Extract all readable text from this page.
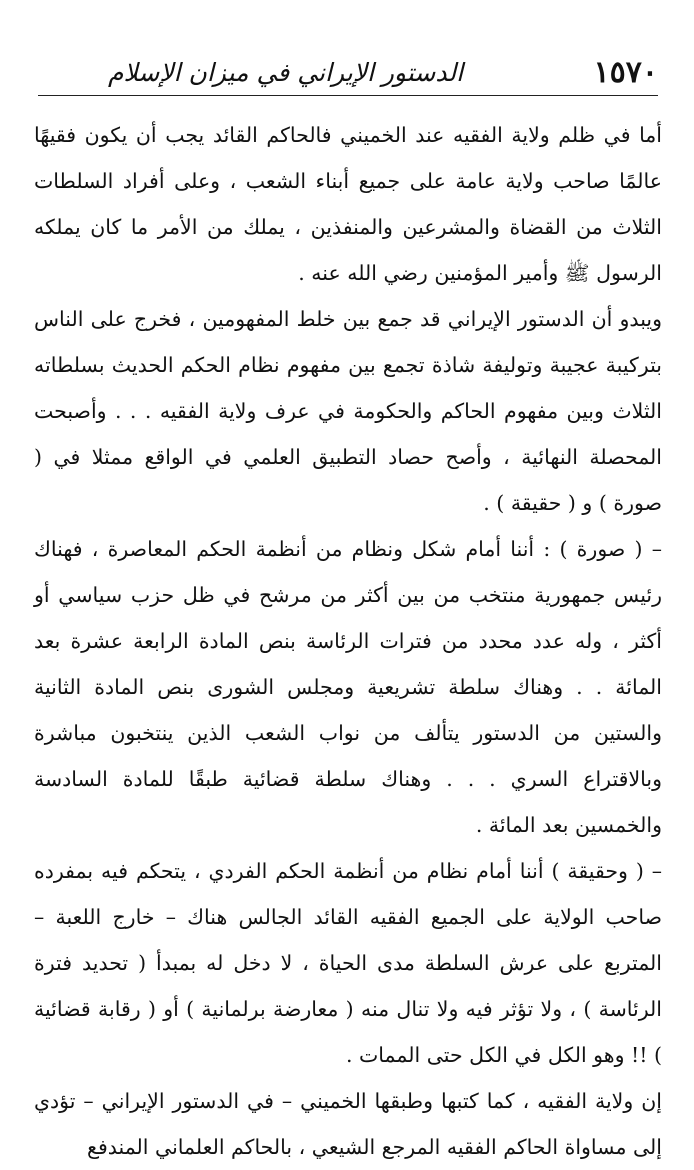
١٥٧٠
الدستور الإيراني في ميزان الإسلام

أما في ظلم ولاية الفقيه عند الخميني فالحاكم القائد يجب أن يكون فقيهًا عالمًا صاحب ولاية عامة على جميع أبناء الشعب ، وعلى أفراد السلطات الثلاث من القضاة والمشرعين والمنفذين ، يملك من الأمر ما كان يملكه الرسول ﷺ وأمير المؤمنين رضي الله عنه .

ويبدو أن الدستور الإيراني قد جمع بين خلط المفهومين ، فخرج على الناس بتركيبة عجيبة وتوليفة شاذة تجمع بين مفهوم نظام الحكم الحديث بسلطاته الثلاث وبين مفهوم الحاكم والحكومة في عرف ولاية الفقيه . . . وأصبحت المحصلة النهائية ، وأصح حصاد التطبيق العلمي في الواقع ممثلا في ( صورة ) و ( حقيقة ) .

– ( صورة ) : أننا أمام شكل ونظام من أنظمة الحكم المعاصرة ، فهناك رئيس جمهورية منتخب من بين أكثر من مرشح في ظل حزب سياسي أو أكثر ، وله عدد محدد من فترات الرئاسة بنص المادة الرابعة عشرة بعد المائة . . وهناك سلطة تشريعية ومجلس الشورى بنص المادة الثانية والستين من الدستور يتألف من نواب الشعب الذين ينتخبون مباشرة وبالاقتراع السري . . . وهناك سلطة قضائية طبقًا للمادة السادسة والخمسين بعد المائة .

– ( وحقيقة ) أننا أمام نظام من أنظمة الحكم الفردي ، يتحكم فيه بمفرده صاحب الولاية على الجميع الفقيه القائد الجالس هناك – خارج اللعبة – المتربع على عرش السلطة مدى الحياة ، لا دخل له بمبدأ ( تحديد فترة الرئاسة ) ، ولا تؤثر فيه ولا تنال منه ( معارضة برلمانية ) أو ( رقابة قضائية ) !! وهو الكل في الكل حتى الممات .

إن ولاية الفقيه ، كما كتبها وطبقها الخميني – في الدستور الإيراني – تؤدي إلى مساواة الحاكم الفقيه المرجع الشيعي ، بالحاكم العلماني المندفع
